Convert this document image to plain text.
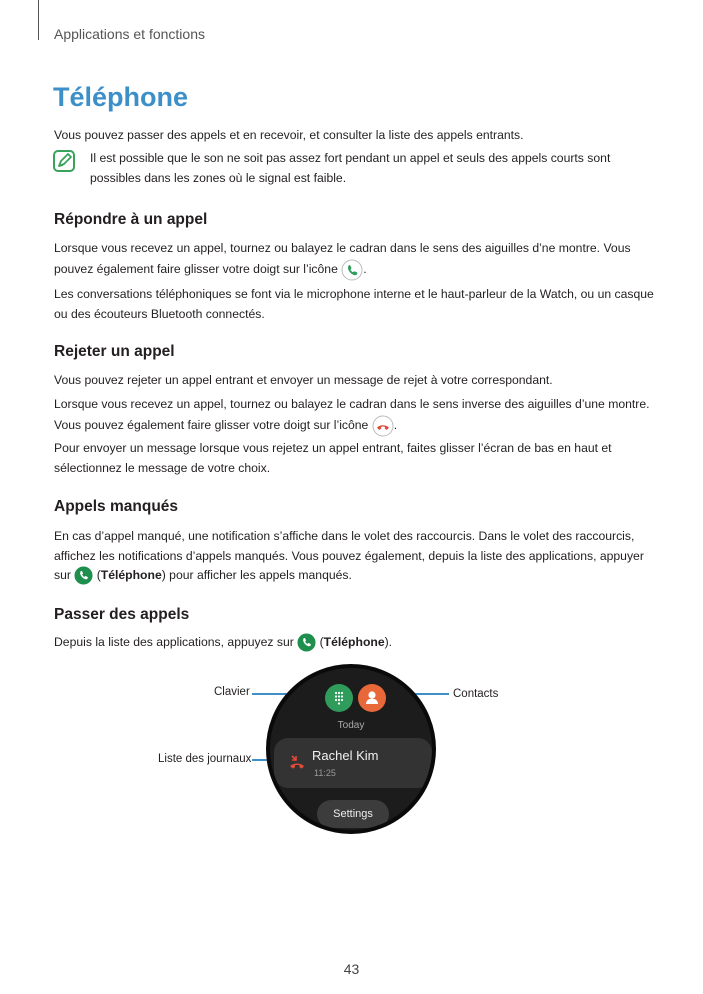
Applications et fonctions
Téléphone

Vous pouvez passer des appels et en recevoir, et consulter la liste des appels entrants.

Il est possible que le son ne soit pas assez fort pendant un appel et seuls des appels courts sont possibles dans les zones où le signal est faible.

Répondre à un appel

Lorsque vous recevez un appel, tournez ou balayez le cadran dans le sens des aiguilles d’ne montre. Vous pouvez également faire glisser votre doigt sur l’icône .

Les conversations téléphoniques se font via le microphone interne et le haut-parleur de la Watch, ou un casque ou des écouteurs Bluetooth connectés.

Rejeter un appel

Vous pouvez rejeter un appel entrant et envoyer un message de rejet à votre correspondant.

Lorsque vous recevez un appel, tournez ou balayez le cadran dans le sens inverse des aiguilles d’une montre. Vous pouvez également faire glisser votre doigt sur l’icône .

Pour envoyer un message lorsque vous rejetez un appel entrant, faites glisser l’écran de bas en haut et sélectionnez le message de votre choix.

Appels manqués

En cas d’appel manqué, une notification s’affiche dans le volet des raccourcis. Dans le volet des raccourcis, affichez les notifications d’appels manqués. Vous pouvez également, depuis la liste des applications, appuyer sur (Téléphone) pour afficher les appels manqués.

Passer des appels

Depuis la liste des applications, appuyez sur (Téléphone).

Clavier	Contacts
Liste des journaux
Today
Rachel Kim
11:25
Settings
43
